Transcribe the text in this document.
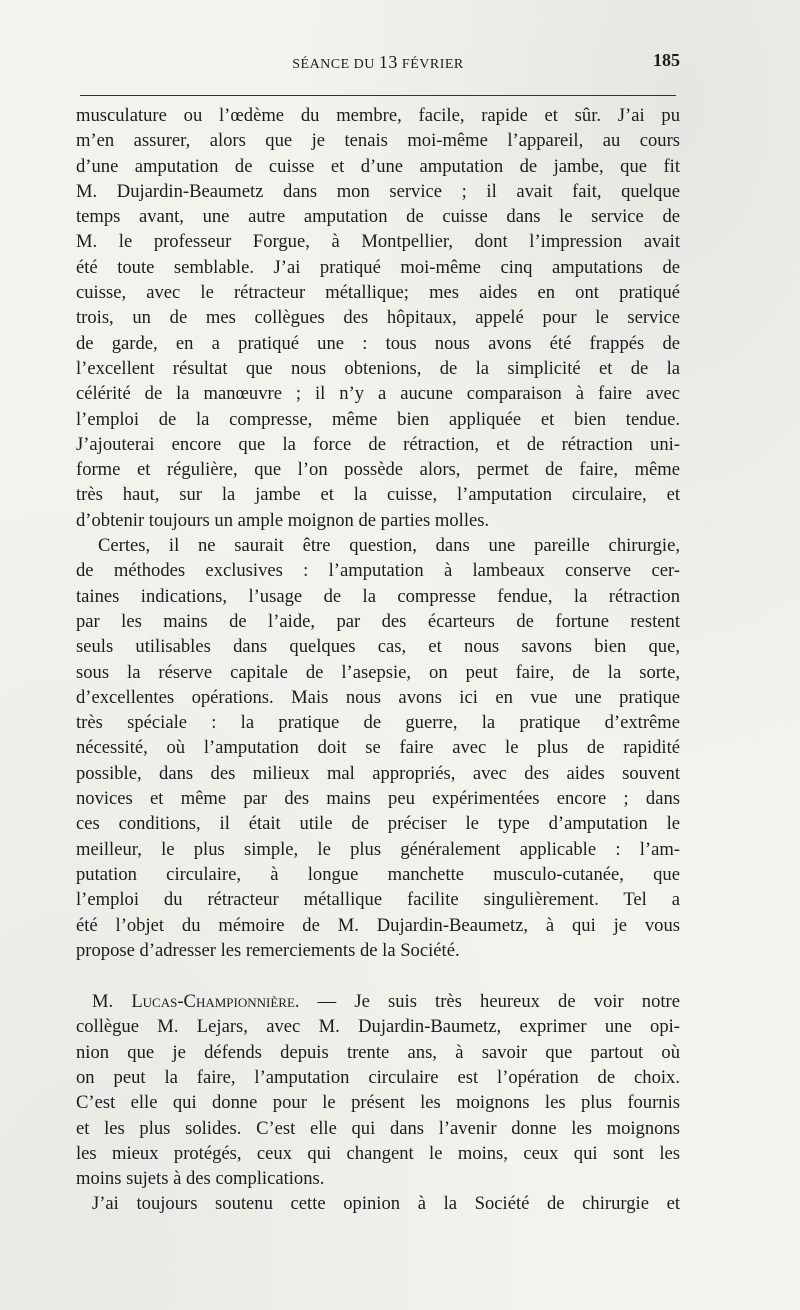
SÉANCE DU 13 FÉVRIER	185
musculature ou l’œdème du membre, facile, rapide et sûr. J’ai pu
m’en assurer, alors que je tenais moi-même l’appareil, au cours
d’une amputation de cuisse et d’une amputation de jambe, que fit
M. Dujardin-Beaumetz dans mon service ; il avait fait, quelque
temps avant, une autre amputation de cuisse dans le service de
M. le professeur Forgue, à Montpellier, dont l’impression avait
été toute semblable. J’ai pratiqué moi-même cinq amputations de
cuisse, avec le rétracteur métallique; mes aides en ont pratiqué
trois, un de mes collègues des hôpitaux, appelé pour le service
de garde, en a pratiqué une : tous nous avons été frappés de
l’excellent résultat que nous obtenions, de la simplicité et de la
célérité de la manœuvre ; il n’y a aucune comparaison à faire avec
l’emploi de la compresse, même bien appliquée et bien tendue.
J’ajouterai encore que la force de rétraction, et de rétraction uni-
forme et régulière, que l’on possède alors, permet de faire, même
très haut, sur la jambe et la cuisse, l’amputation circulaire, et
d’obtenir toujours un ample moignon de parties molles.
Certes, il ne saurait être question, dans une pareille chirurgie,
de méthodes exclusives : l’amputation à lambeaux conserve cer-
taines indications, l’usage de la compresse fendue, la rétraction
par les mains de l’aide, par des écarteurs de fortune restent
seuls utilisables dans quelques cas, et nous savons bien que,
sous la réserve capitale de l’asepsie, on peut faire, de la sorte,
d’excellentes opérations. Mais nous avons ici en vue une pratique
très spéciale : la pratique de guerre, la pratique d’extrême
nécessité, où l’amputation doit se faire avec le plus de rapidité
possible, dans des milieux mal appropriés, avec des aides souvent
novices et même par des mains peu expérimentées encore ; dans
ces conditions, il était utile de préciser le type d’amputation le
meilleur, le plus simple, le plus généralement applicable : l’am-
putation circulaire, à longue manchette musculo-cutanée, que
l’emploi du rétracteur métallique facilite singulièrement. Tel a
été l’objet du mémoire de M. Dujardin-Beaumetz, à qui je vous
propose d’adresser les remerciements de la Société.
M. Lucas-Championnière. — Je suis très heureux de voir notre
collègue M. Lejars, avec M. Dujardin-Baumetz, exprimer une opi-
nion que je défends depuis trente ans, à savoir que partout où
on peut la faire, l’amputation circulaire est l’opération de choix.
C’est elle qui donne pour le présent les moignons les plus fournis
et les plus solides. C’est elle qui dans l’avenir donne les moignons
les mieux protégés, ceux qui changent le moins, ceux qui sont les
moins sujets à des complications.
J’ai toujours soutenu cette opinion à la Société de chirurgie et
